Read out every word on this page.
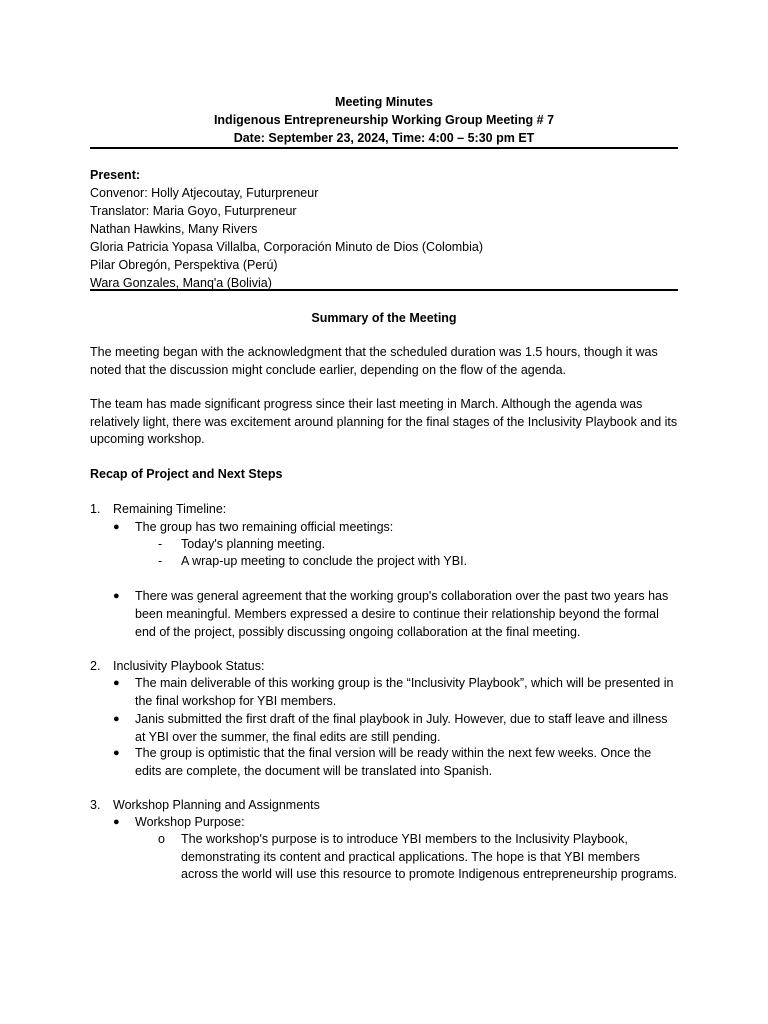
Meeting Minutes
Indigenous Entrepreneurship Working Group Meeting # 7
Date: September 23, 2024, Time: 4:00 – 5:30 pm ET
Present:
Convenor: Holly Atjecoutay, Futurpreneur
Translator: Maria Goyo, Futurpreneur
Nathan Hawkins, Many Rivers
Gloria Patricia Yopasa Villalba, Corporación Minuto de Dios (Colombia)
Pilar Obregón, Perspektiva (Perú)
Wara Gonzales, Manq'a (Bolivia)
Summary of the Meeting
The meeting began with the acknowledgment that the scheduled duration was 1.5 hours, though it was noted that the discussion might conclude earlier, depending on the flow of the agenda.
The team has made significant progress since their last meeting in March. Although the agenda was relatively light, there was excitement around planning for the final stages of the Inclusivity Playbook and its upcoming workshop.
Recap of Project and Next Steps
1. Remaining Timeline:
●	The group has two remaining official meetings:
- Today's planning meeting.
- A wrap-up meeting to conclude the project with YBI.
●	There was general agreement that the working group's collaboration over the past two years has been meaningful. Members expressed a desire to continue their relationship beyond the formal end of the project, possibly discussing ongoing collaboration at the final meeting.
2. Inclusivity Playbook Status:
●	The main deliverable of this working group is the “Inclusivity Playbook”, which will be presented in the final workshop for YBI members.
●	Janis submitted the first draft of the final playbook in July. However, due to staff leave and illness at YBI over the summer, the final edits are still pending.
●	The group is optimistic that the final version will be ready within the next few weeks. Once the edits are complete, the document will be translated into Spanish.
3. Workshop Planning and Assignments
●	Workshop Purpose:
o The workshop's purpose is to introduce YBI members to the Inclusivity Playbook, demonstrating its content and practical applications. The hope is that YBI members across the world will use this resource to promote Indigenous entrepreneurship programs.
